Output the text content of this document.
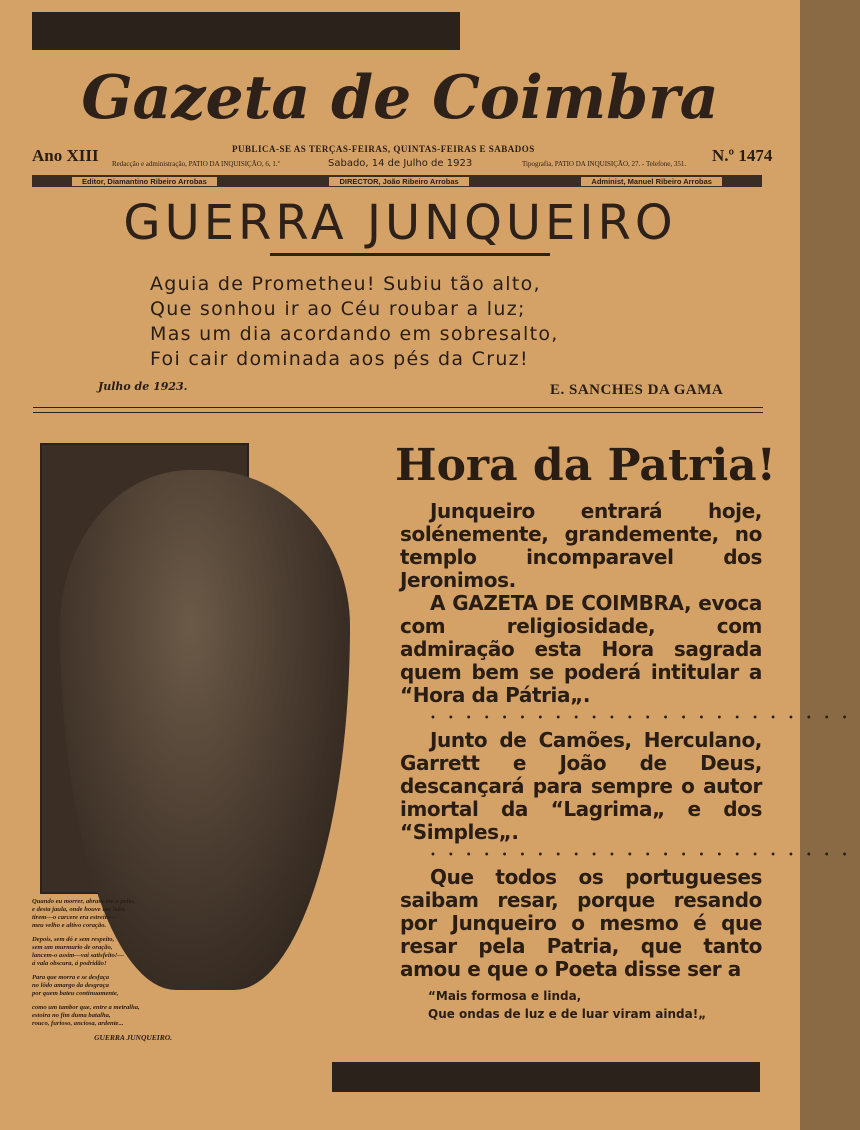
Gazeta de Coimbra
Ano XIII	PUBLICA-SE AS TERÇAS-FEIRAS, QUINTAS-FEIRAS E SABADOS
Redacção e administração, PATIO DA INQUISIÇÃO, 6, 1.º	Sabado, 14 de Julho de 1923	Tipografia, PATIO DA INQUISIÇÃO, 27. - Telefone, 351. N.º 1474
Editor, Diamantino Ribeiro Arrobas	DIRECTOR, João Ribeiro Arrobas	Administ, Manuel Ribeiro Arrobas
GUERRA JUNQUEIRO
Aguia de Prometheu! Subiu tão alto,
Que sonhou ir ao Céu roubar a luz;
Mas um dia acordando em sobresalto,
Foi cair dominada aos pés da Cruz!
Julho de 1923.	E. SANCHES DA GAMA

Quando eu morrer, abram-me o peito,
e desta jaula, onde houve um leão,
tirem—o carcere era estreito—
meu velho e altivo coração.

Depois, sem dó e sem respeito,
sem um murmurio de oração,
lancem-o assim—vai satisfeito!—
á vala obscura, á podridão!

Para que morra e se desfaça
no lôdo amargo da desgraça
por quem bateu continuamente,

como um tambor que, entre a metralha,
estoira no fim duma batalha,
rouco, furioso, anciosa, ardente...

GUERRA JUNQUEIRO.
Hora da Patria!

Junqueiro entrará hoje, solénemente, grandemente, no templo incomparavel dos Jeronimos.

A GAZETA DE COIMBRA, evoca com religiosidade, com admiração esta Hora sagrada quem bem se poderá intitular a “Hora da Pátria„.

••••••••••••••••••••••••

Junto de Camões, Herculano, Garrett e João de Deus, descançará para sempre o autor imortal da “Lagrima„ e dos “Simples„.

••••••••••••••••••••••••

Que todos os portugueses saibam resar, porque resando por Junqueiro o mesmo é que resar pela Patria, que tanto amou e que o Poeta disse ser a

“Mais formosa e linda,
Que ondas de luz e de luar viram ainda!„
